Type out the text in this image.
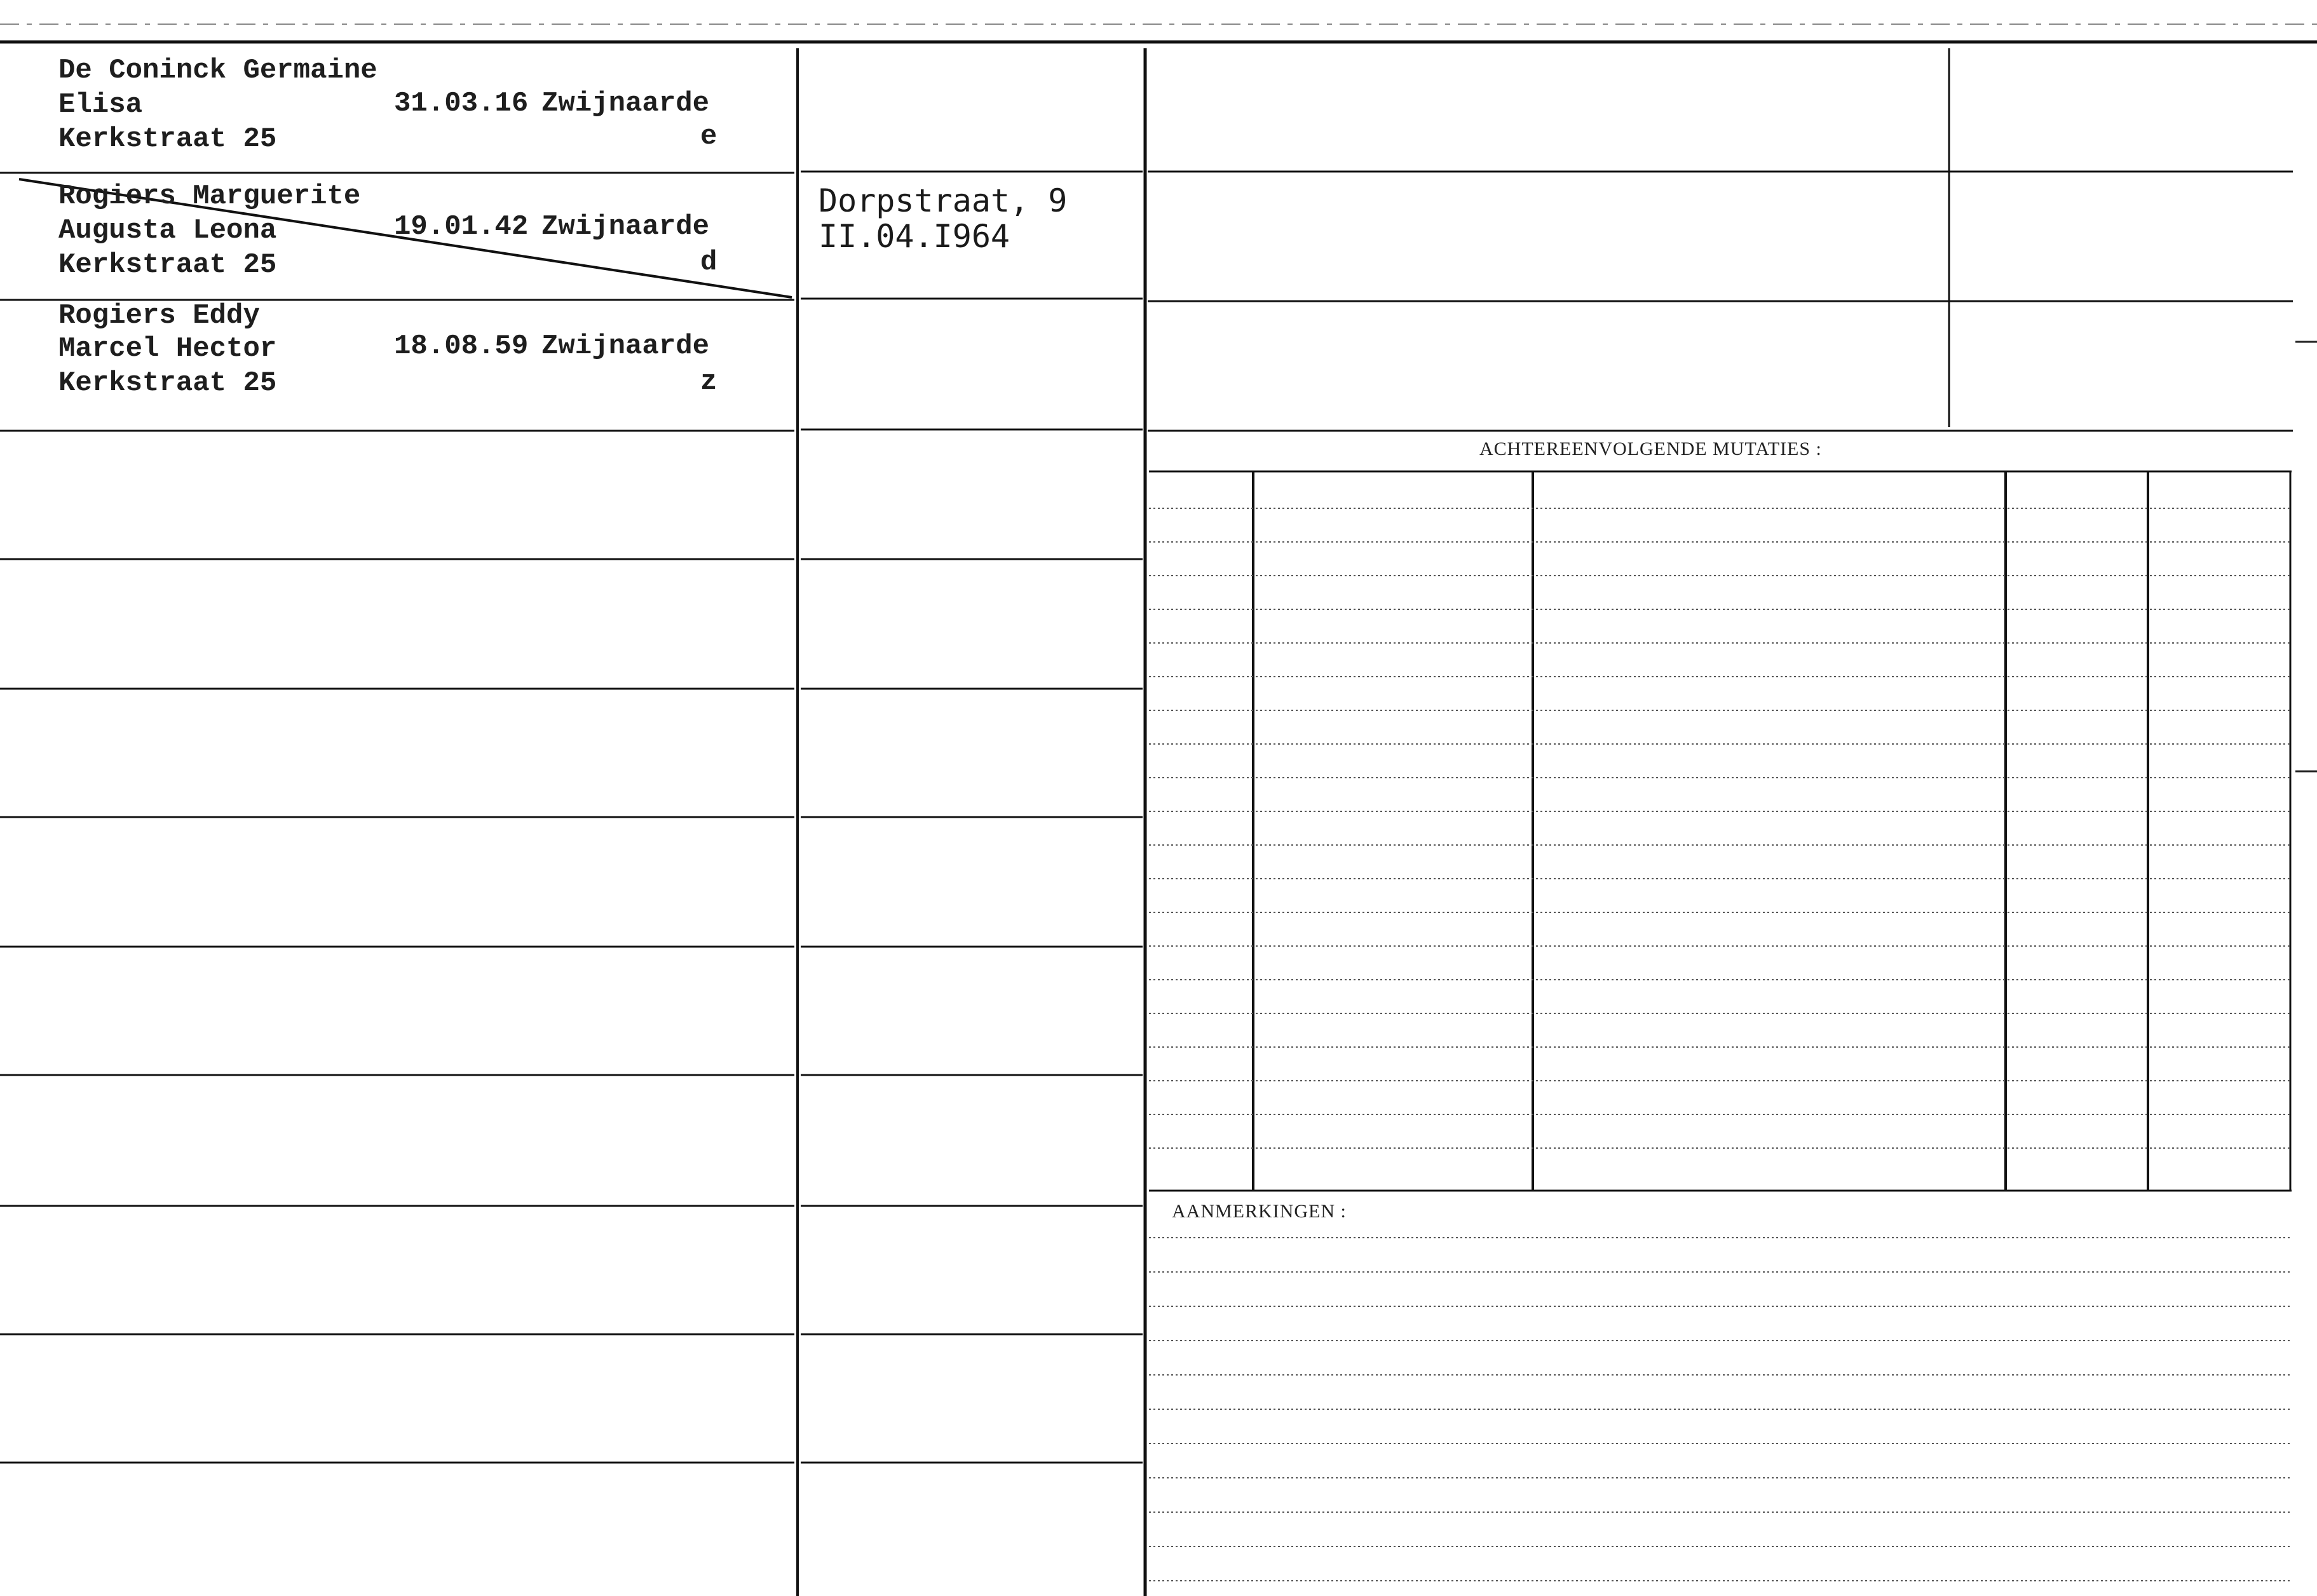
De Coninck Germaine
Elisa
Kerkstraat 25
31.03.16 Zwijnaarde
e
Rogiers Marguerite
Augusta Leona
Kerkstraat 25
19.01.42 Zwijnaarde
d
Dorpstraat, 9
II.04.I964
Rogiers Eddy
Marcel Hector
Kerkstraat 25
18.08.59 Zwijnaarde
z
ACHTEREENVOLGENDE MUTATIES :
AANMERKINGEN :
